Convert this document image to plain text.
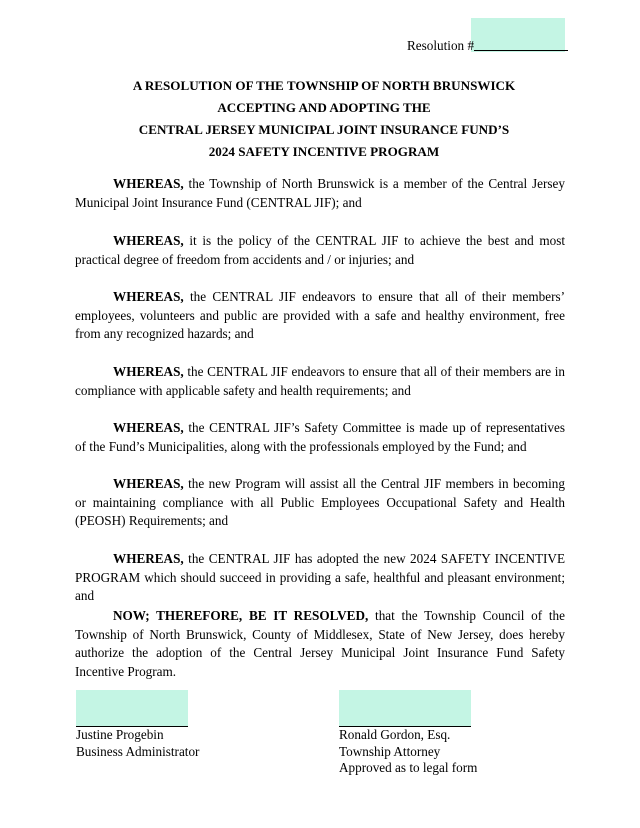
Resolution #
A RESOLUTION OF THE TOWNSHIP OF NORTH BRUNSWICK
ACCEPTING AND ADOPTING THE
CENTRAL JERSEY MUNICIPAL JOINT INSURANCE FUND’S
2024 SAFETY INCENTIVE PROGRAM

WHEREAS, the Township of North Brunswick is a member of the Central Jersey Municipal Joint Insurance Fund (CENTRAL JIF); and

WHEREAS, it is the policy of the CENTRAL JIF to achieve the best and most practical degree of freedom from accidents and / or injuries; and

WHEREAS, the CENTRAL JIF endeavors to ensure that all of their members’ employees, volunteers and public are provided with a safe and healthy environment, free from any recognized hazards; and

WHEREAS, the CENTRAL JIF endeavors to ensure that all of their members are in compliance with applicable safety and health requirements; and

WHEREAS, the CENTRAL JIF’s Safety Committee is made up of representatives of the Fund’s Municipalities, along with the professionals employed by the Fund; and

WHEREAS, the new Program will assist all the Central JIF members in becoming or maintaining compliance with all Public Employees Occupational Safety and Health (PEOSH) Requirements; and

WHEREAS, the CENTRAL JIF has adopted the new 2024 SAFETY INCENTIVE PROGRAM which should succeed in providing a safe, healthful and pleasant environment; and

NOW; THEREFORE, BE IT RESOLVED, that the Township Council of the Township of North Brunswick, County of Middlesex, State of New Jersey, does hereby authorize the adoption of the Central Jersey Municipal Joint Insurance Fund Safety Incentive Program.

Justine Progebin
Business Administrator
Ronald Gordon, Esq.
Township Attorney
Approved as to legal form
